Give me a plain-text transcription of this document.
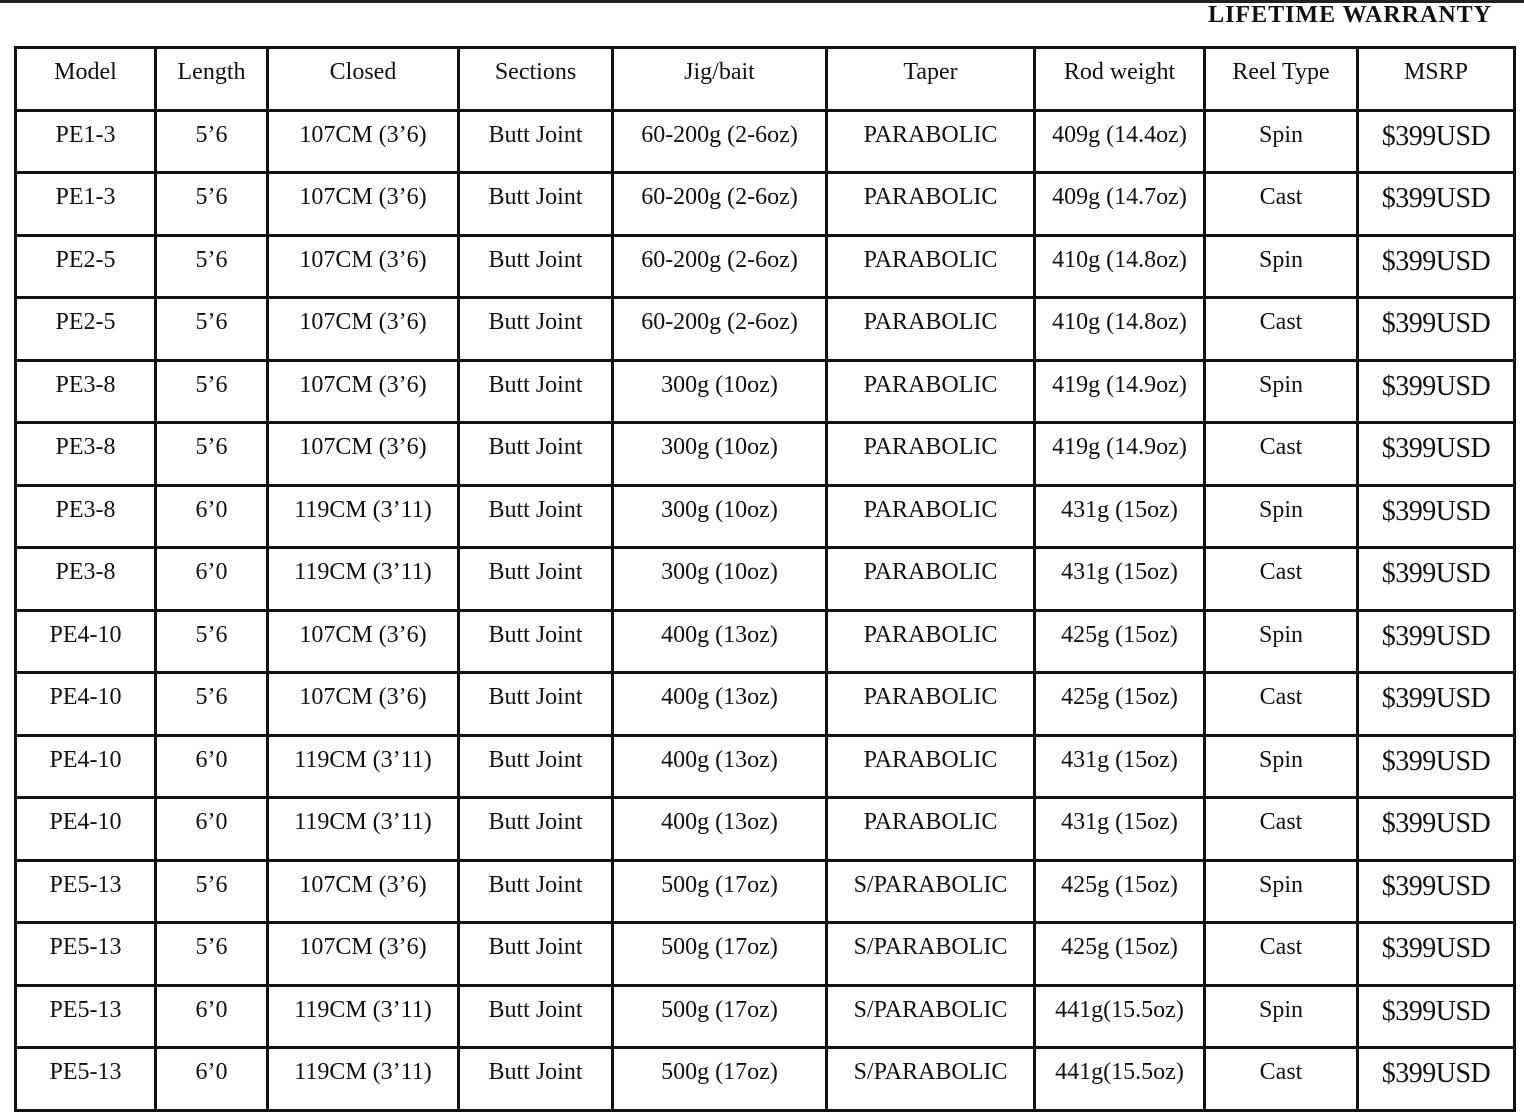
LIFETIME WARRANTY
Model	Length	Closed	Sections	Jig/bait	Taper	Rod weight	Reel Type	MSRP
PE1-3	5’6	107CM (3’6)	Butt Joint	60-200g (2-6oz)	PARABOLIC	409g (14.4oz)	Spin	$399USD
PE1-3	5’6	107CM (3’6)	Butt Joint	60-200g (2-6oz)	PARABOLIC	409g (14.7oz)	Cast	$399USD
PE2-5	5’6	107CM (3’6)	Butt Joint	60-200g (2-6oz)	PARABOLIC	410g (14.8oz)	Spin	$399USD
PE2-5	5’6	107CM (3’6)	Butt Joint	60-200g (2-6oz)	PARABOLIC	410g (14.8oz)	Cast	$399USD
PE3-8	5’6	107CM (3’6)	Butt Joint	300g (10oz)	PARABOLIC	419g (14.9oz)	Spin	$399USD
PE3-8	5’6	107CM (3’6)	Butt Joint	300g (10oz)	PARABOLIC	419g (14.9oz)	Cast	$399USD
PE3-8	6’0	119CM (3’11)	Butt Joint	300g (10oz)	PARABOLIC	431g (15oz)	Spin	$399USD
PE3-8	6’0	119CM (3’11)	Butt Joint	300g (10oz)	PARABOLIC	431g (15oz)	Cast	$399USD
PE4-10	5’6	107CM (3’6)	Butt Joint	400g (13oz)	PARABOLIC	425g (15oz)	Spin	$399USD
PE4-10	5’6	107CM (3’6)	Butt Joint	400g (13oz)	PARABOLIC	425g (15oz)	Cast	$399USD
PE4-10	6’0	119CM (3’11)	Butt Joint	400g (13oz)	PARABOLIC	431g (15oz)	Spin	$399USD
PE4-10	6’0	119CM (3’11)	Butt Joint	400g (13oz)	PARABOLIC	431g (15oz)	Cast	$399USD
PE5-13	5’6	107CM (3’6)	Butt Joint	500g (17oz)	S/PARABOLIC	425g (15oz)	Spin	$399USD
PE5-13	5’6	107CM (3’6)	Butt Joint	500g (17oz)	S/PARABOLIC	425g (15oz)	Cast	$399USD
PE5-13	6’0	119CM (3’11)	Butt Joint	500g (17oz)	S/PARABOLIC	441g(15.5oz)	Spin	$399USD
PE5-13	6’0	119CM (3’11)	Butt Joint	500g (17oz)	S/PARABOLIC	441g(15.5oz)	Cast	$399USD
